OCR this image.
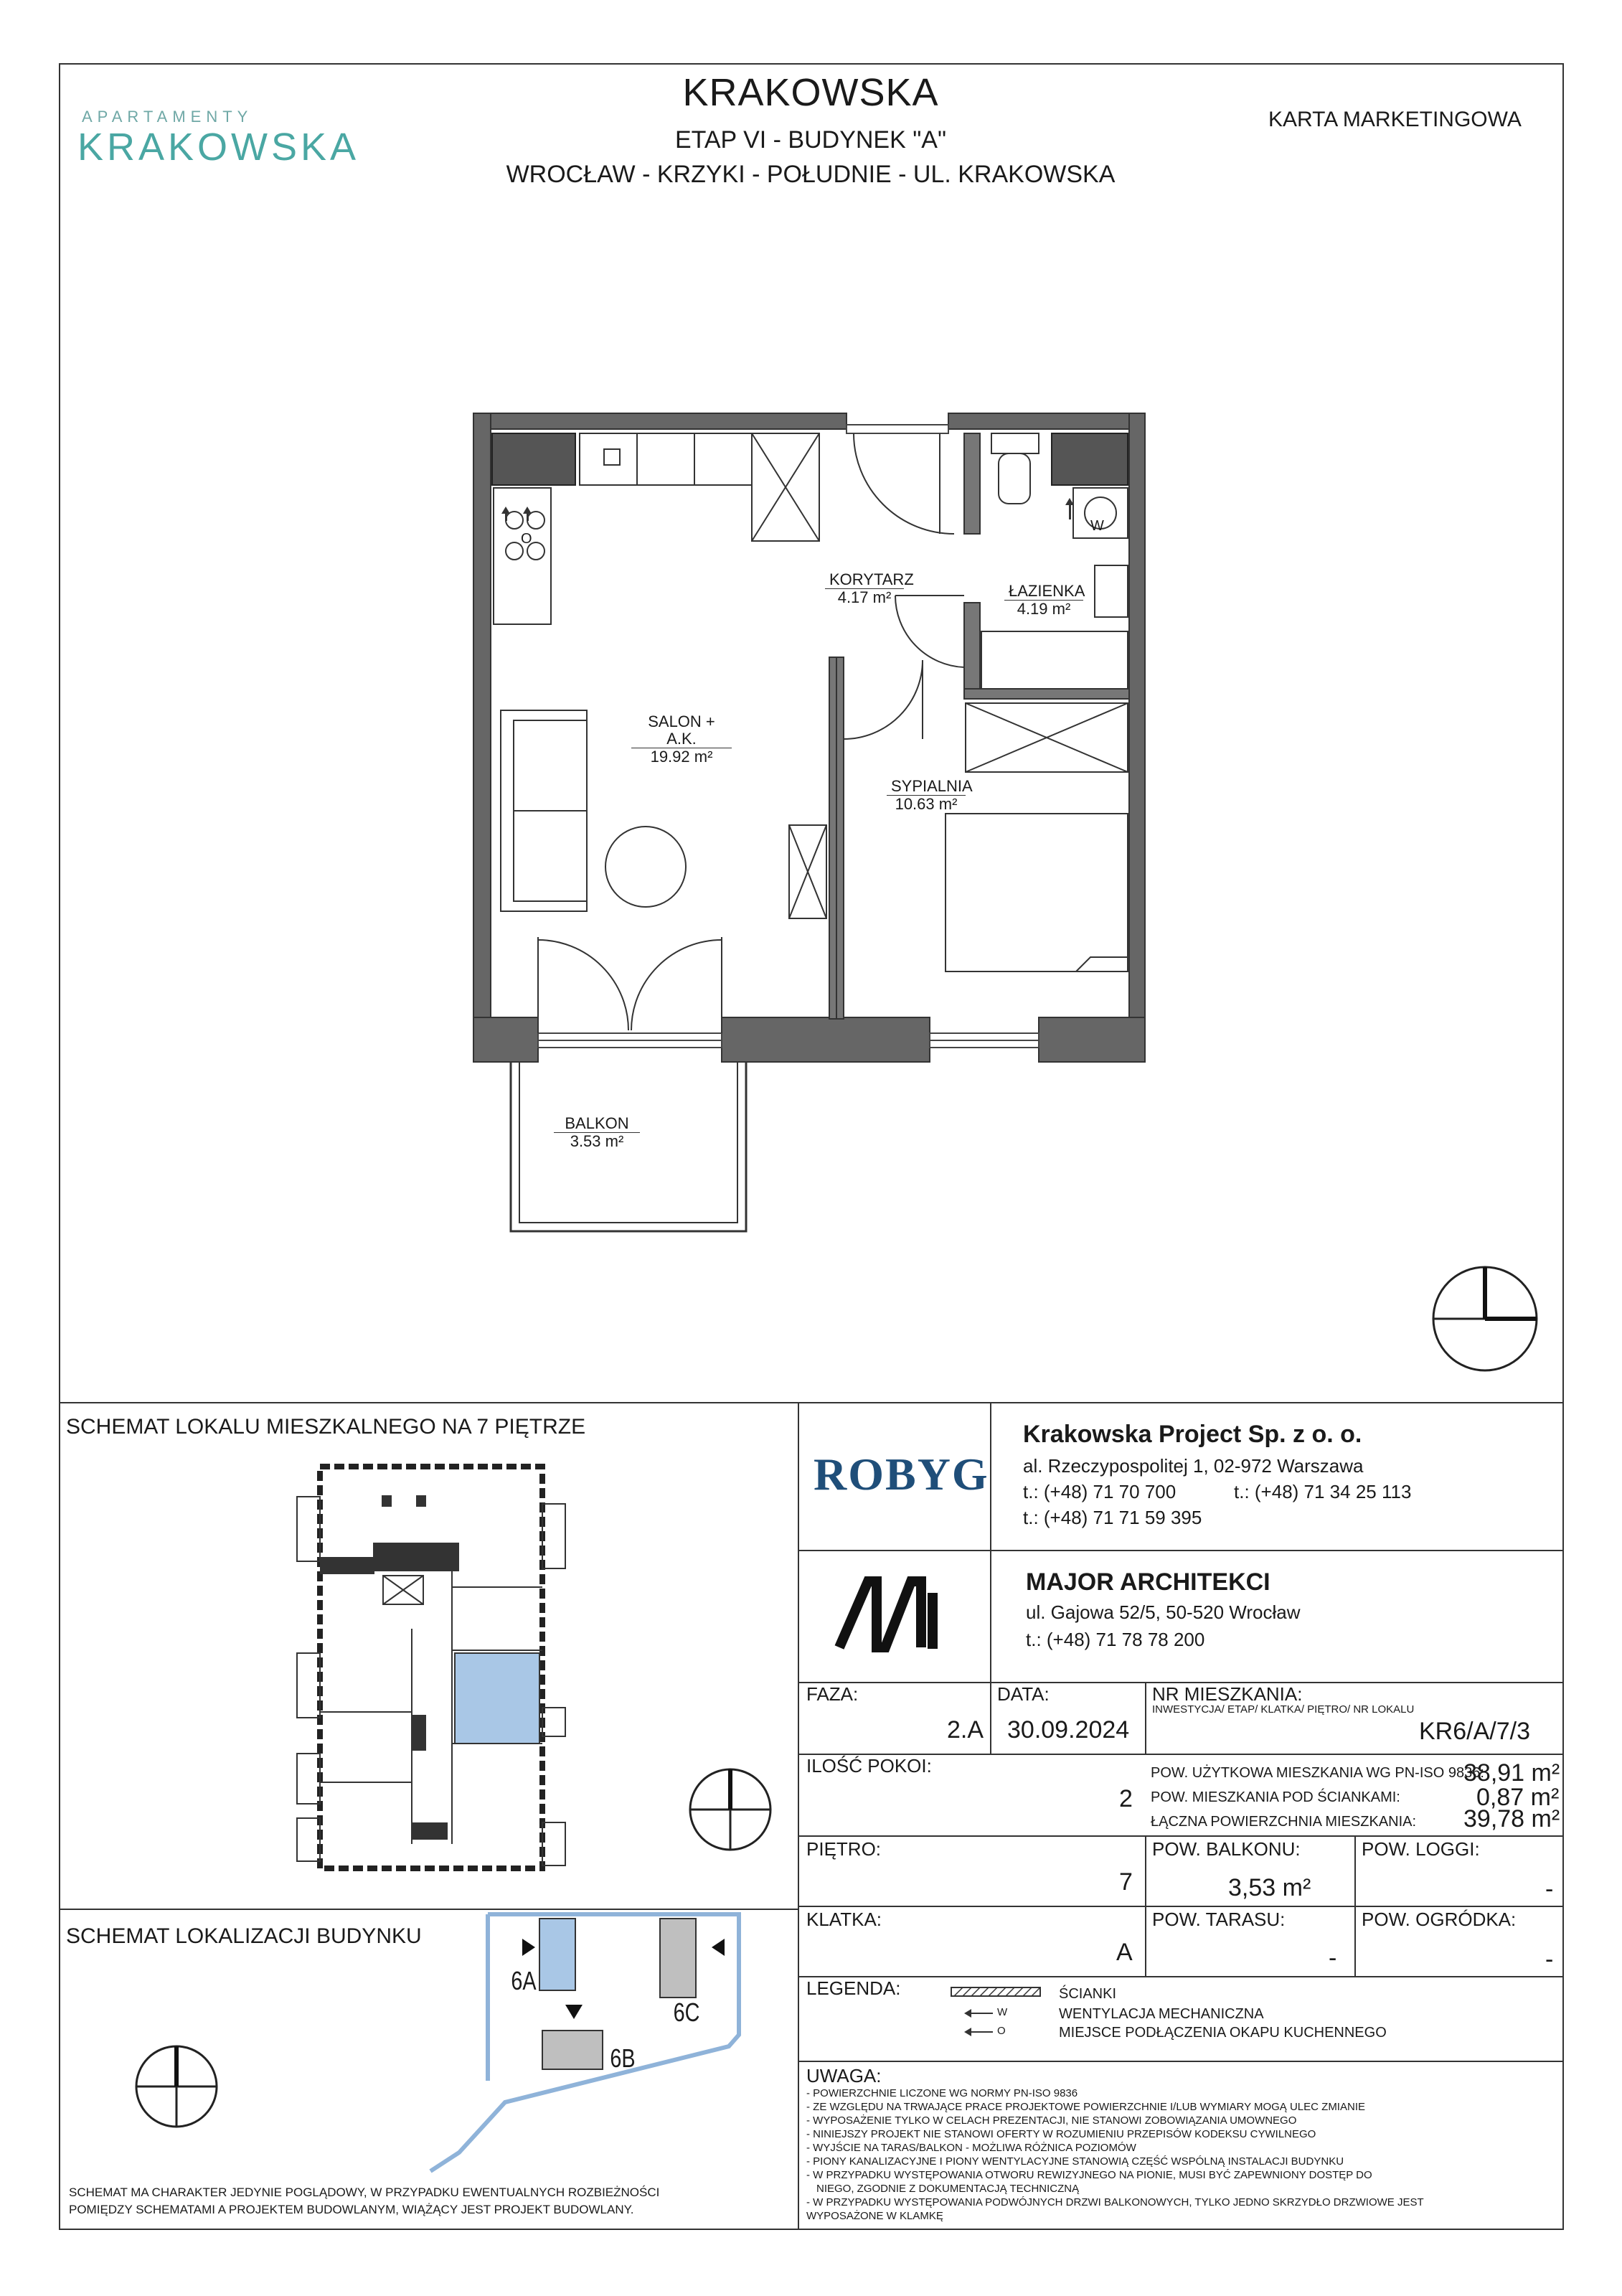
APARTAMENTY
KRAKOWSKA
KRAKOWSKA
ETAP VI - BUDYNEK "A"
WROCŁAW - KRZYKI - POŁUDNIE - UL. KRAKOWSKA
KARTA MARKETINGOWA
W
O
KORYTARZ
4.17 m²	ŁAZIENKA
4.19 m²
SALON + A.K.
19.92 m²
SYPIALNIA
10.63 m²
BALKON
3.53 m²
SCHEMAT LOKALU MIESZKALNEGO NA 7 PIĘTRZE
SCHEMAT LOKALIZACJI BUDYNKU
6A
6B
6C
SCHEMAT MA CHARAKTER JEDYNIE POGLĄDOWY, W PRZYPADKU EWENTUALNYCH ROZBIEŻNOŚCI
POMIĘDZY SCHEMATAMI A PROJEKTEM BUDOWLANYM, WIĄŻĄCY JEST PROJEKT BUDOWLANY.
ROBYG
Krakowska Project Sp. z o. o.
al. Rzeczypospolitej 1, 02-972 Warszawa
t.: (+48) 71 70 700	t.: (+48) 71 34 25 113
t.: (+48) 71 71 59 395
MAJOR ARCHITEKCI
ul. Gajowa 52/5, 50-520 Wrocław
t.: (+48) 71 78 78 200
FAZA:
2.A
DATA:
30.09.2024
NR MIESZKANIA:
INWESTYCJA/ ETAP/ KLATKA/ PIĘTRO/ NR LOKALU
KR6/A/7/3
ILOŚĆ POKOI:
2
POW. UŻYTKOWA MIESZKANIA WG PN-ISO 9836:
38,91 m²
POW. MIESZKANIA POD ŚCIANKAMI:	0,87 m²
ŁĄCZNA POWIERZCHNIA MIESZKANIA: 39,78 m²
PIĘTRO:
7
POW. BALKONU:
3,53 m²
POW. LOGGI:
-
KLATKA:
A
POW. TARASU:
-
POW. OGRÓDKA:
-
LEGENDA:
W
O
ŚCIANKI
WENTYLACJA MECHANICZNA
MIEJSCE PODŁĄCZENIA OKAPU KUCHENNEGO
UWAGA:
- POWIERZCHNIE LICZONE WG NORMY PN-ISO 9836
- ZE WZGLĘDU NA TRWAJĄCE PRACE PROJEKTOWE POWIERZCHNIE I/LUB WYMIARY MOGĄ ULEC ZMIANIE
- WYPOSAŻENIE TYLKO W CELACH PREZENTACJI, NIE STANOWI ZOBOWIĄZANIA UMOWNEGO
- NINIEJSZY PROJEKT NIE STANOWI OFERTY W ROZUMIENIU PRZEPISÓW KODEKSU CYWILNEGO
- WYJŚCIE NA TARAS/BALKON - MOŻLIWA RÓŻNICA POZIOMÓW
- PIONY KANALIZACYJNE I PIONY WENTYLACYJNE STANOWIĄ CZĘŚĆ WSPÓLNĄ INSTALACJI BUDYNKU
- W PRZYPADKU WYSTĘPOWANIA OTWORU REWIZYJNEGO NA PIONIE, MUSI BYĆ ZAPEWNIONY DOSTĘP DO
NIEGO, ZGODNIE Z DOKUMENTACJĄ TECHNICZNĄ
- W PRZYPADKU WYSTĘPOWANIA PODWÓJNYCH DRZWI BALKONOWYCH, TYLKO JEDNO SKRZYDŁO DRZWIOWE JEST
WYPOSAŻONE W KLAMKĘ
